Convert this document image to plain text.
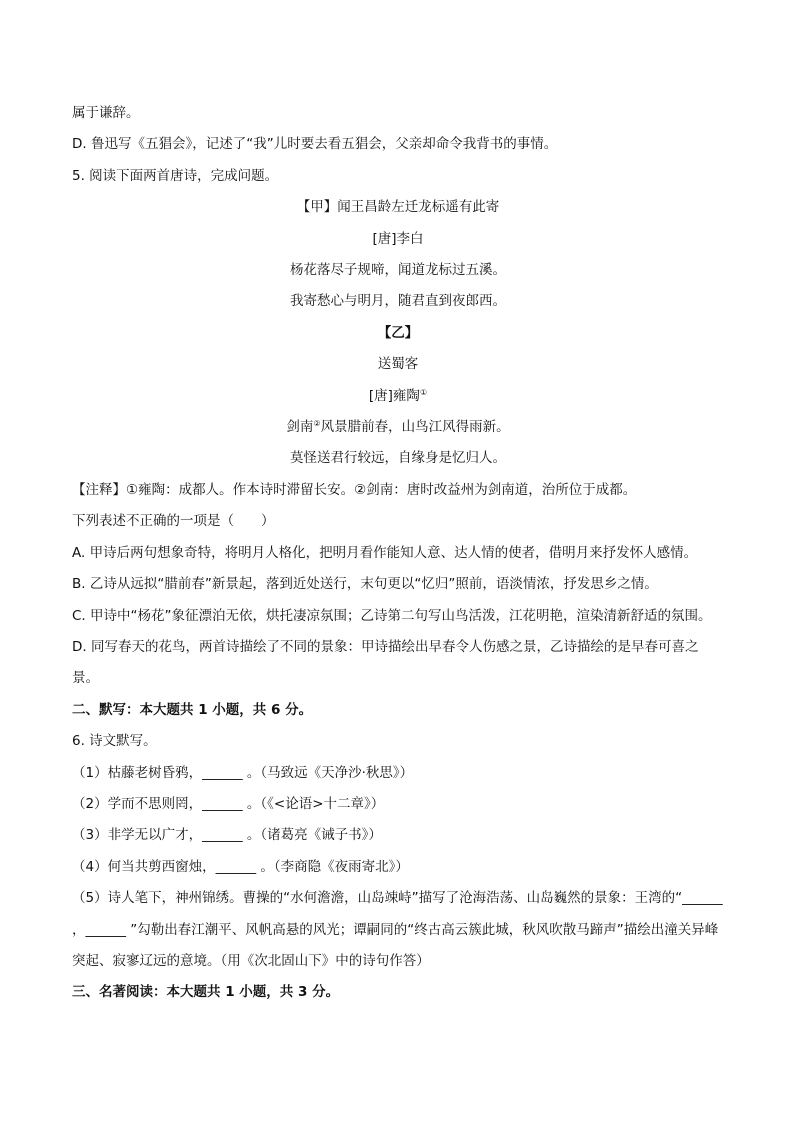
属于谦辞。

D. 鲁迅写《五猖会》，记述了“我”儿时要去看五猖会，父亲却命令我背书的事情。

5. 阅读下面两首唐诗，完成问题。

【甲】闻王昌龄左迁龙标遥有此寄

[唐]李白

杨花落尽子规啼，闻道龙标过五溪。

我寄愁心与明月，随君直到夜郎西。

【乙】

送蜀客

[唐]雍陶①

剑南②风景腊前春，山鸟江风得雨新。

莫怪送君行较远，自缘身是忆归人。

【注释】①雍陶：成都人。作本诗时滞留长安。②剑南：唐时改益州为剑南道，治所位于成都。

下列表述不正确的一项是（　　）

A. 甲诗后两句想象奇特，将明月人格化，把明月看作能知人意、达人情的使者，借明月来抒发怀人感情。

B. 乙诗从远拟“腊前春”新景起，落到近处送行，末句更以“忆归”照前，语淡情浓，抒发思乡之情。

C. 甲诗中“杨花”象征漂泊无依，烘托凄凉氛围；乙诗第二句写山鸟活泼，江花明艳，渲染清新舒适的氛围。

D. 同写春天的花鸟，两首诗描绘了不同的景象：甲诗描绘出早春令人伤感之景，乙诗描绘的是早春可喜之景。

二、默写：本大题共 1 小题，共 6 分。

6. 诗文默写。

（1）枯藤老树昏鸦，______ 。（马致远《天净沙·秋思》）

（2）学而不思则罔，______ 。（《<论语>十二章》）

（3）非学无以广才，______ 。（诸葛亮《诫子书》）

（4）何当共剪西窗烛，______ 。（李商隐《夜雨寄北》）

（5）诗人笔下，神州锦绣。曹操的“水何澹澹，山岛竦峙”描写了沧海浩荡、山岛巍然的景象：王湾的“______ ，______ ”勾勒出春江潮平、风帆高悬的风光；谭嗣同的“终古高云簇此城，秋风吹散马蹄声”描绘出潼关异峰突起、寂寥辽远的意境。（用《次北固山下》中的诗句作答）

三、名著阅读：本大题共 1 小题，共 3 分。
